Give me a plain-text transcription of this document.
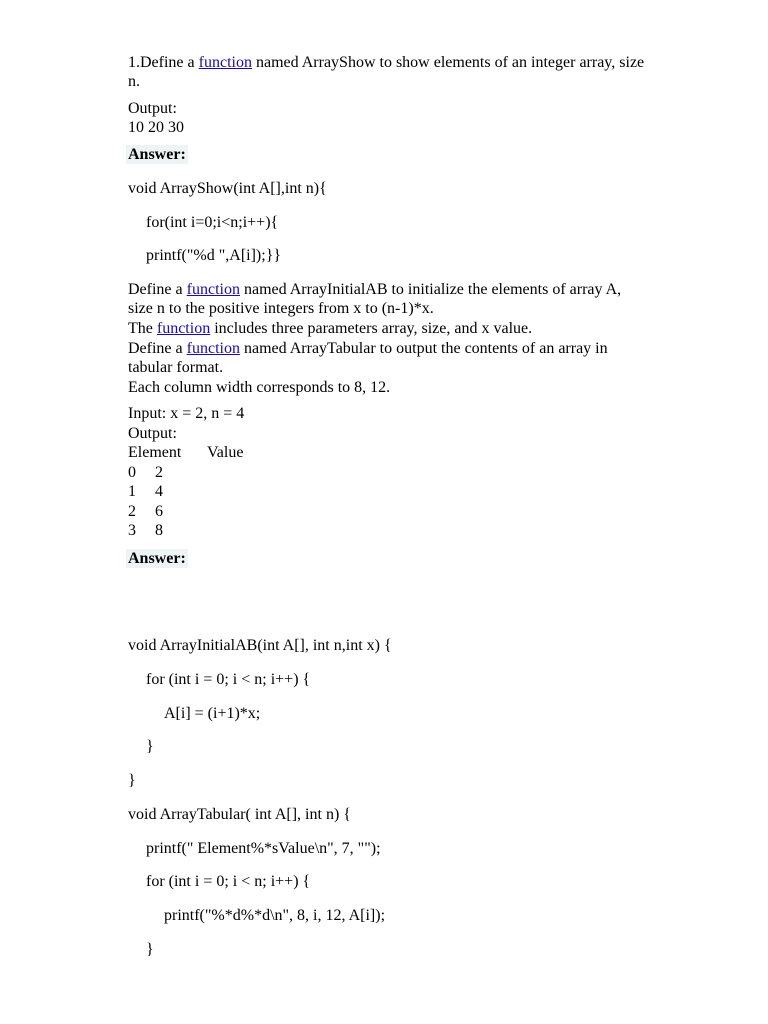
1.Define a function named ArrayShow to show elements of an integer array, size
n.
Output:
10 20 30
Answer:
void ArrayShow(int A[],int n){
for(int i=0;i<n;i++){
printf("%d ",A[i]);}}
Define a function named ArrayInitialAB to initialize the elements of array A,
size n to the positive integers from x to (n-1)*x.
The function includes three parameters array, size, and x value.
Define a function named ArrayTabular to output the contents of an array in
tabular format.
Each column width corresponds to 8, 12.
Input: x = 2, n = 4
Output:
Element Value
0 2
1 4
2 6
3 8
Answer:
void ArrayInitialAB(int A[], int n,int x) {
for (int i = 0; i < n; i++) {
A[i] = (i+1)*x;
}
}
void ArrayTabular( int A[], int n) {
printf(" Element%*sValue\n", 7, "");
for (int i = 0; i < n; i++) {
printf("%*d%*d\n", 8, i, 12, A[i]);
}
